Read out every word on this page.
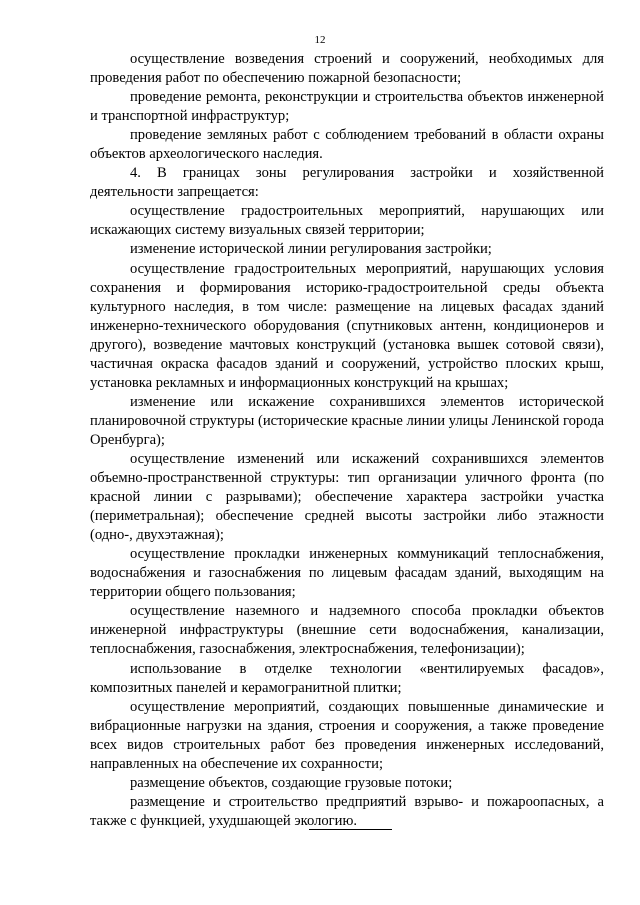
12

осуществление возведения строений и сооружений, необходимых для проведения работ по обеспечению пожарной безопасности;

проведение ремонта, реконструкции и строительства объектов инженерной и транспортной инфраструктур;

проведение земляных работ с соблюдением требований в области охраны объектов археологического наследия.

4. В границах зоны регулирования застройки и хозяйственной деятельности запрещается:

осуществление градостроительных мероприятий, нарушающих или искажающих систему визуальных связей территории;

изменение исторической линии регулирования застройки;

осуществление градостроительных мероприятий, нарушающих условия сохранения и формирования историко-градостроительной среды объекта культурного наследия, в том числе: размещение на лицевых фасадах зданий инженерно-технического оборудования (спутниковых антенн, кондиционеров и другого), возведение мачтовых конструкций (установка вышек сотовой связи), частичная окраска фасадов зданий и сооружений, устройство плоских крыш, установка рекламных и информационных конструкций на крышах;

изменение или искажение сохранившихся элементов исторической планировочной структуры (исторические красные линии улицы Ленинской города Оренбурга);

осуществление изменений или искажений сохранившихся элементов объемно-пространственной структуры: тип организации уличного фронта (по красной линии с разрывами); обеспечение характера застройки участка (периметральная); обеспечение средней высоты застройки либо этажности (одно-, двухэтажная);

осуществление прокладки инженерных коммуникаций теплоснабжения, водоснабжения и газоснабжения по лицевым фасадам зданий, выходящим на территории общего пользования;

осуществление наземного и надземного способа прокладки объектов инженерной инфраструктуры (внешние сети водоснабжения, канализации, теплоснабжения, газоснабжения, электроснабжения, телефонизации);

использование в отделке технологии «вентилируемых фасадов», композитных панелей и керамогранитной плитки;

осуществление мероприятий, создающих повышенные динамические и вибрационные нагрузки на здания, строения и сооружения, а также проведение всех видов строительных работ без проведения инженерных исследований, направленных на обеспечение их сохранности;

размещение объектов, создающие грузовые потоки;

размещение и строительство предприятий взрыво- и пожароопасных, а также с функцией, ухудшающей экологию.
